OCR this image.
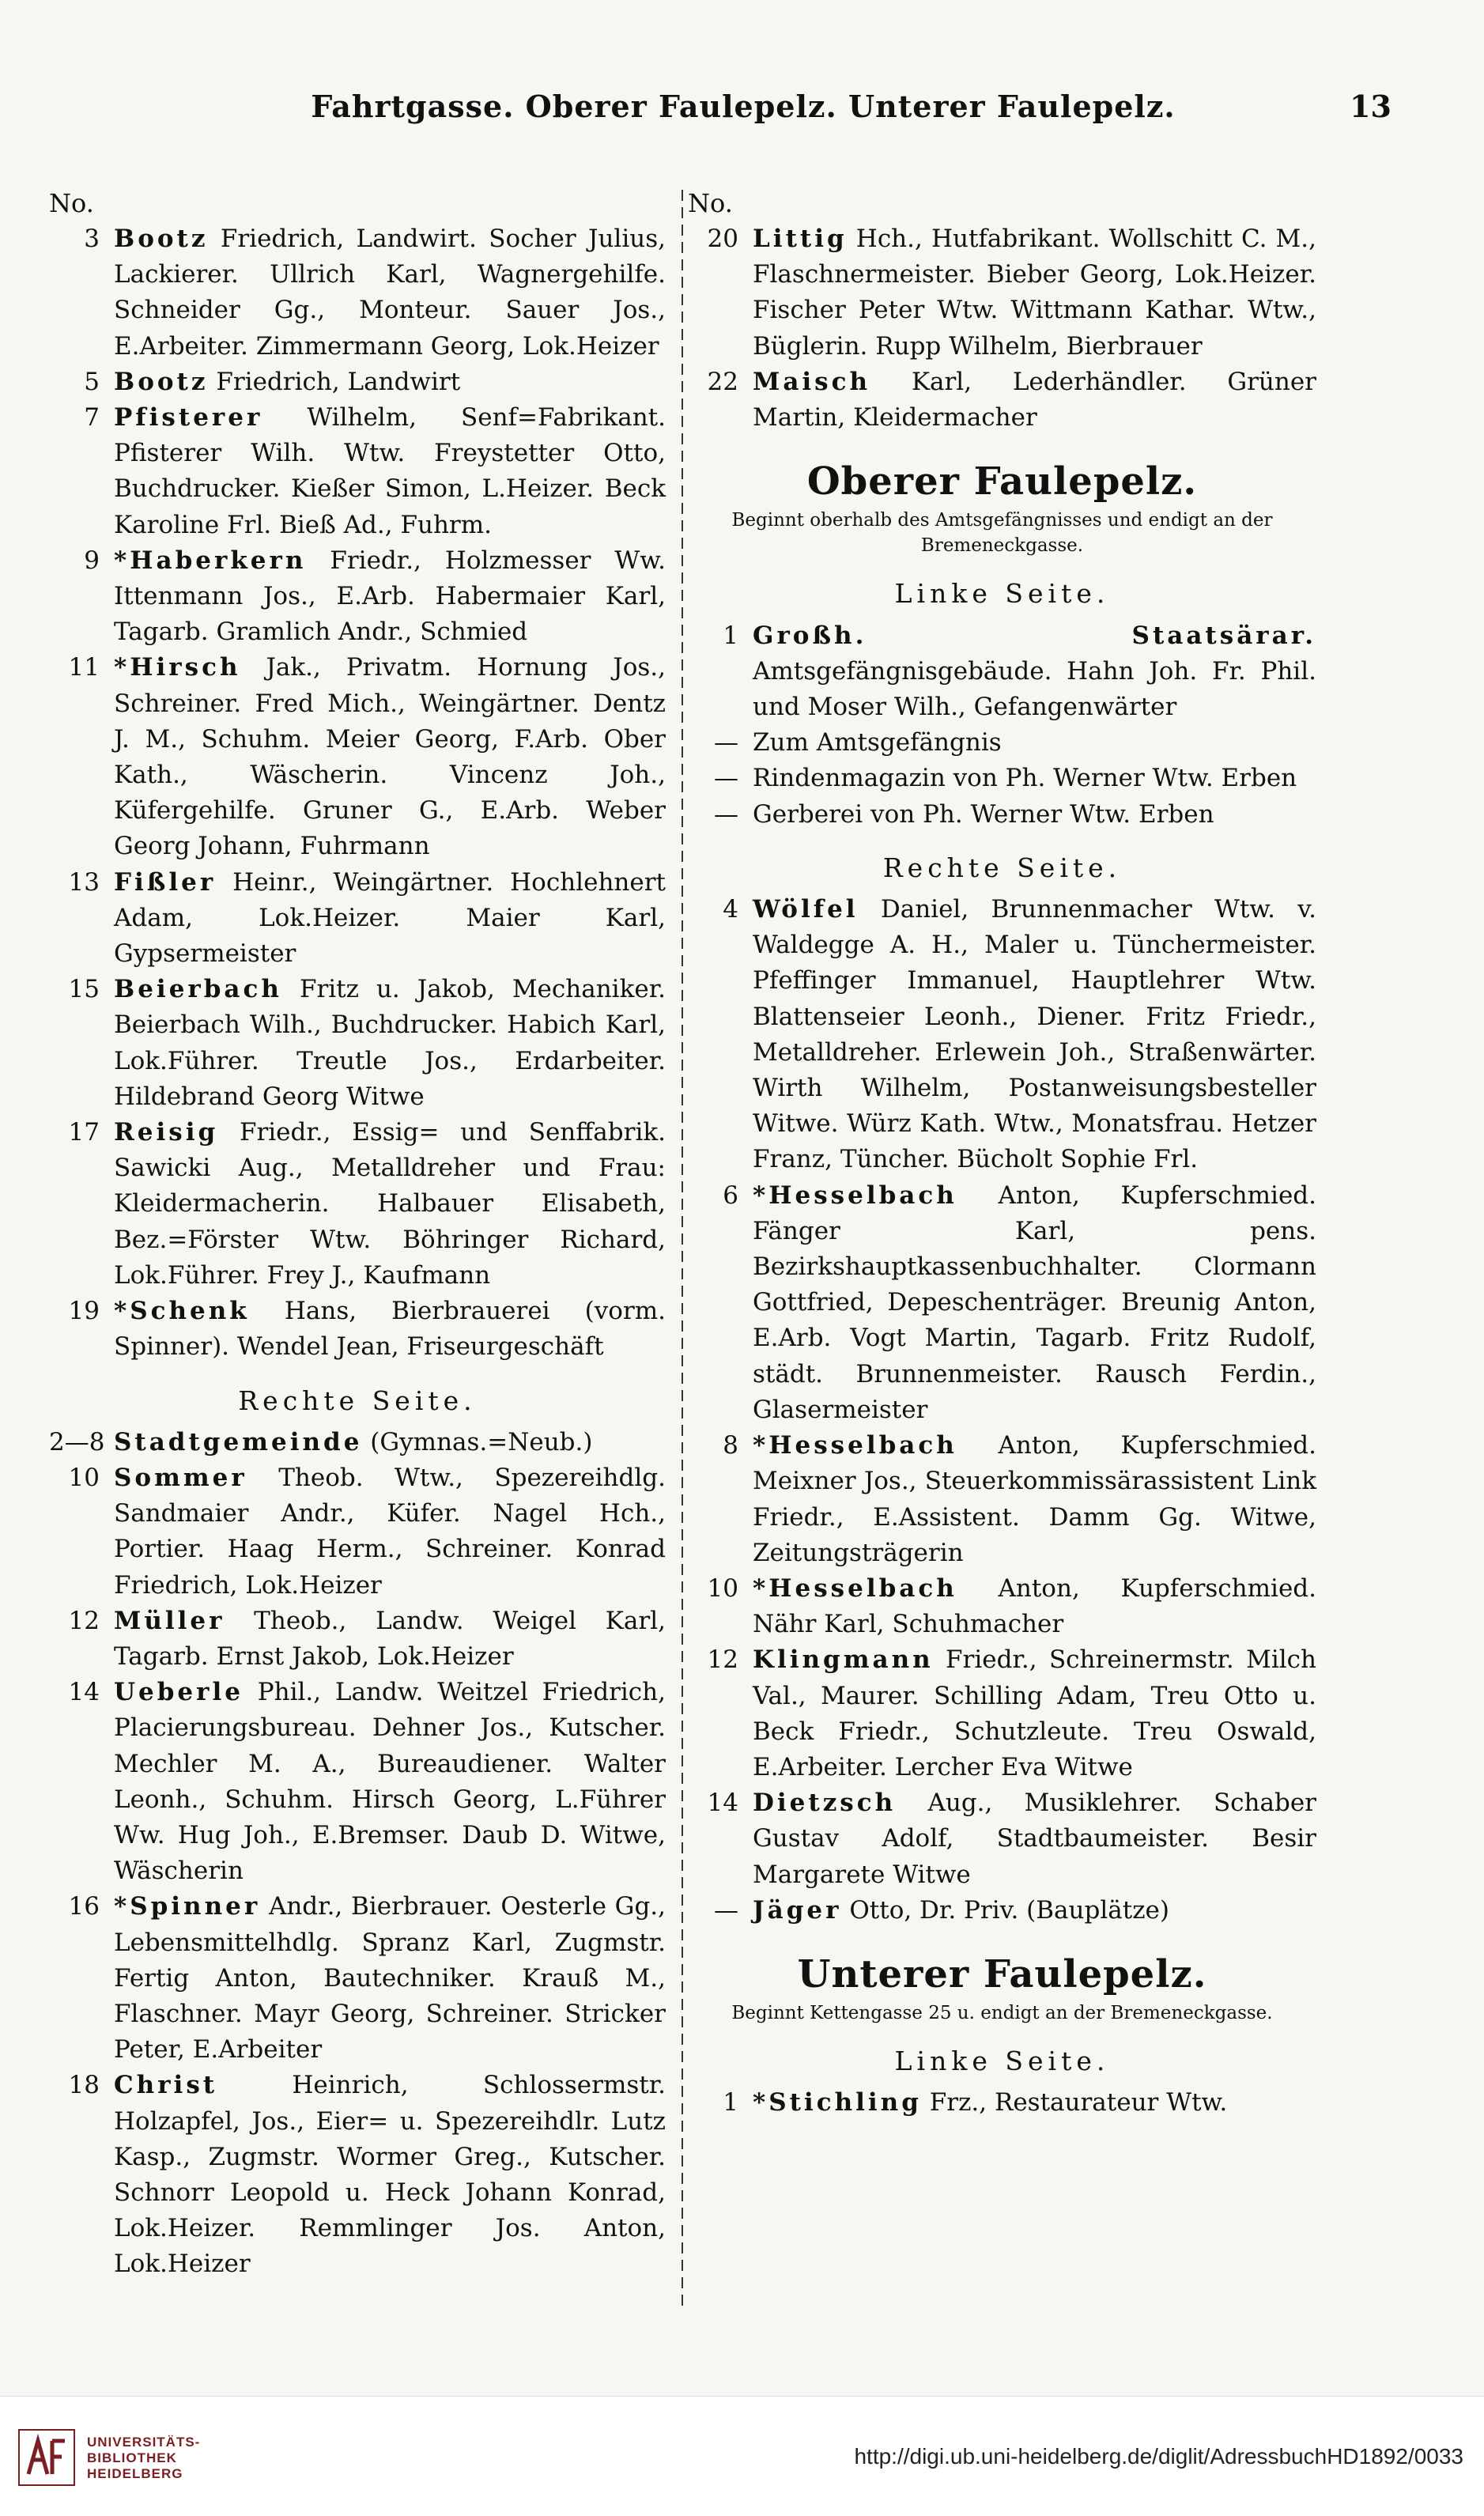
Fahrtgasse. Oberer Faulepelz. Unterer Faulepelz.	13
No.
3 Bootz Friedrich, Landwirt. Socher Julius, Lackierer. Ullrich Karl, Wagnergehilfe. Schneider Gg., Monteur. Sauer Jos., E.Arbeiter. Zimmermann Georg, Lok.Heizer
5 Bootz Friedrich, Landwirt
7 Pfisterer Wilhelm, Senf=Fabrikant. Pfisterer Wilh. Wtw. Freystetter Otto, Buchdrucker. Kießer Simon, L.Heizer. Beck Karoline Frl. Bieß Ad., Fuhrm.
9 *Haberkern Friedr., Holzmesser Ww. Ittenmann Jos., E.Arb. Habermaier Karl, Tagarb. Gramlich Andr., Schmied
11 *Hirsch Jak., Privatm. Hornung Jos., Schreiner. Fred Mich., Weingärtner. Dentz J. M., Schuhm. Meier Georg, F.Arb. Ober Kath., Wäscherin. Vincenz Joh., Küfergehilfe. Gruner G., E.Arb. Weber Georg Johann, Fuhrmann
13 Fißler Heinr., Weingärtner. Hochlehnert Adam, Lok.Heizer. Maier Karl, Gypsermeister
15 Beierbach Fritz u. Jakob, Mechaniker. Beierbach Wilh., Buchdrucker. Habich Karl, Lok.Führer. Treutle Jos., Erdarbeiter. Hildebrand Georg Witwe
17 Reisig Friedr., Essig= und Senffabrik. Sawicki Aug., Metalldreher und Frau: Kleidermacherin. Halbauer Elisabeth, Bez.=Förster Wtw. Böhringer Richard, Lok.Führer. Frey J., Kaufmann
19 *Schenk Hans, Bierbrauerei (vorm. Spinner). Wendel Jean, Friseurgeschäft
Rechte Seite.
2—8 Stadtgemeinde (Gymnas.=Neub.)
10 Sommer Theob. Wtw., Spezereihdlg. Sandmaier Andr., Küfer. Nagel Hch., Portier. Haag Herm., Schreiner. Konrad Friedrich, Lok.Heizer
12 Müller Theob., Landw. Weigel Karl, Tagarb. Ernst Jakob, Lok.Heizer
14 Ueberle Phil., Landw. Weitzel Friedrich, Placierungsbureau. Dehner Jos., Kutscher. Mechler M. A., Bureaudiener. Walter Leonh., Schuhm. Hirsch Georg, L.Führer Ww. Hug Joh., E.Bremser. Daub D. Witwe, Wäscherin
16 *Spinner Andr., Bierbrauer. Oesterle Gg., Lebensmittelhdlg. Spranz Karl, Zugmstr. Fertig Anton, Bautechniker. Krauß M., Flaschner. Mayr Georg, Schreiner. Stricker Peter, E.Arbeiter
18 Christ	Heinrich, Schlossermstr. Holzapfel, Jos., Eier= u. Spezereihdlr. Lutz Kasp., Zugmstr. Wormer Greg., Kutscher. Schnorr Leopold u. Heck Johann Konrad, Lok.Heizer. Remmlinger Jos. Anton, Lok.Heizer
No.
20 Littig Hch., Hutfabrikant. Wollschitt C. M., Flaschnermeister. Bieber Georg, Lok.Heizer. Fischer Peter Wtw. Wittmann Kathar. Wtw., Büglerin. Rupp Wilhelm, Bierbrauer
22 Maisch Karl, Lederhändler. Grüner Martin, Kleidermacher
Oberer Faulepelz.
Beginnt oberhalb des Amtsgefängnisses und endigt an der Bremeneckgasse.
Linke Seite.
1 Großh. Staatsärar. Amtsgefängnisgebäude. Hahn Joh. Fr. Phil. und Moser Wilh., Gefangenwärter
— Zum Amtsgefängnis
— Rindenmagazin von Ph. Werner Wtw. Erben
— Gerberei von Ph. Werner Wtw. Erben
Rechte Seite.
4 Wölfel Daniel, Brunnenmacher Wtw. v. Waldegge A. H., Maler u. Tünchermeister. Pfeffinger Immanuel, Hauptlehrer Wtw. Blattenseier Leonh., Diener. Fritz Friedr., Metalldreher. Erlewein Joh., Straßenwärter. Wirth Wilhelm, Postanweisungsbesteller Witwe. Würz Kath. Wtw., Monatsfrau. Hetzer Franz, Tüncher. Bücholt Sophie Frl.
6 *Hesselbach Anton, Kupferschmied. Fänger Karl, pens. Bezirkshauptkassenbuchhalter. Clormann Gottfried, Depeschenträger. Breunig Anton, E.Arb. Vogt Martin, Tagarb. Fritz Rudolf, städt. Brunnenmeister. Rausch Ferdin., Glasermeister
8 *Hesselbach Anton, Kupferschmied. Meixner Jos., Steuerkommissärassistent Link Friedr., E.Assistent. Damm Gg. Witwe, Zeitungsträgerin
10 *Hesselbach Anton, Kupferschmied. Nähr Karl, Schuhmacher
12 Klingmann Friedr., Schreinermstr. Milch Val., Maurer. Schilling Adam, Treu Otto u. Beck Friedr., Schutzleute. Treu Oswald, E.Arbeiter. Lercher Eva Witwe
14 Dietzsch Aug., Musiklehrer. Schaber Gustav Adolf, Stadtbaumeister. Besir Margarete Witwe
— Jäger Otto, Dr. Priv. (Bauplätze)
Unterer Faulepelz.
Beginnt Kettengasse 25 u. endigt an der Bremeneckgasse.
Linke Seite.
1 *Stichling Frz., Restaurateur Wtw.
UNIVERSITÄTS-
BIBLIOTHEK
HEIDELBERG
http://digi.ub.uni-heidelberg.de/diglit/AdressbuchHD1892/0033
